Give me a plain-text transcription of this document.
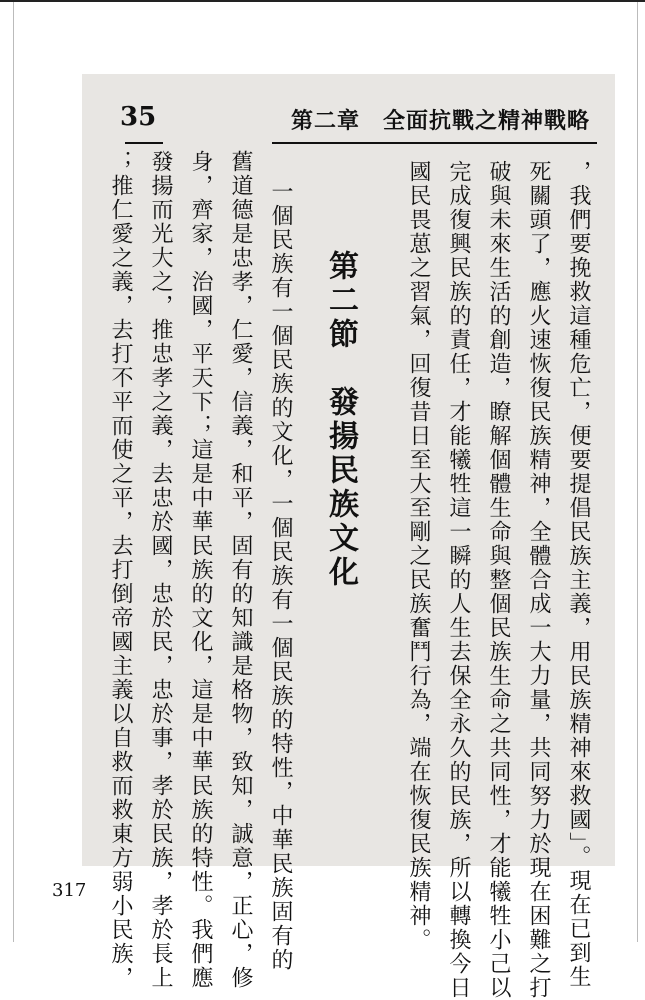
35	第二章　全面抗戰之精神戰略
，我們要挽救這種危亡，便要提倡民族主義，用民族精神來救國」。現在已到生
死關頭了，應火速恢復民族精神，全體合成一大力量，共同努力於現在困難之打
破與未來生活的創造，瞭解個體生命與整個民族生命之共同性，才能犧牲小己以
完成復興民族的責任，才能犧牲這一瞬的人生去保全永久的民族，所以轉換今日
國民畏葸之習氣，回復昔日至大至剛之民族奮鬥行為，端在恢復民族精神。
第二節　發揚民族文化
一個民族有一個民族的文化，一個民族有一個民族的特性，中華民族固有的
舊道德是忠孝，仁愛，信義，和平，固有的知識是格物，致知，誠意，正心，修
身，齊家，治國，平天下；這是中華民族的文化，這是中華民族的特性。我們應
發揚而光大之，推忠孝之義，去忠於國，忠於民，忠於事，孝於民族，孝於長上
；推仁愛之義，去打不平而使之平，去打倒帝國主義以自救而救東方弱小民族，
317
